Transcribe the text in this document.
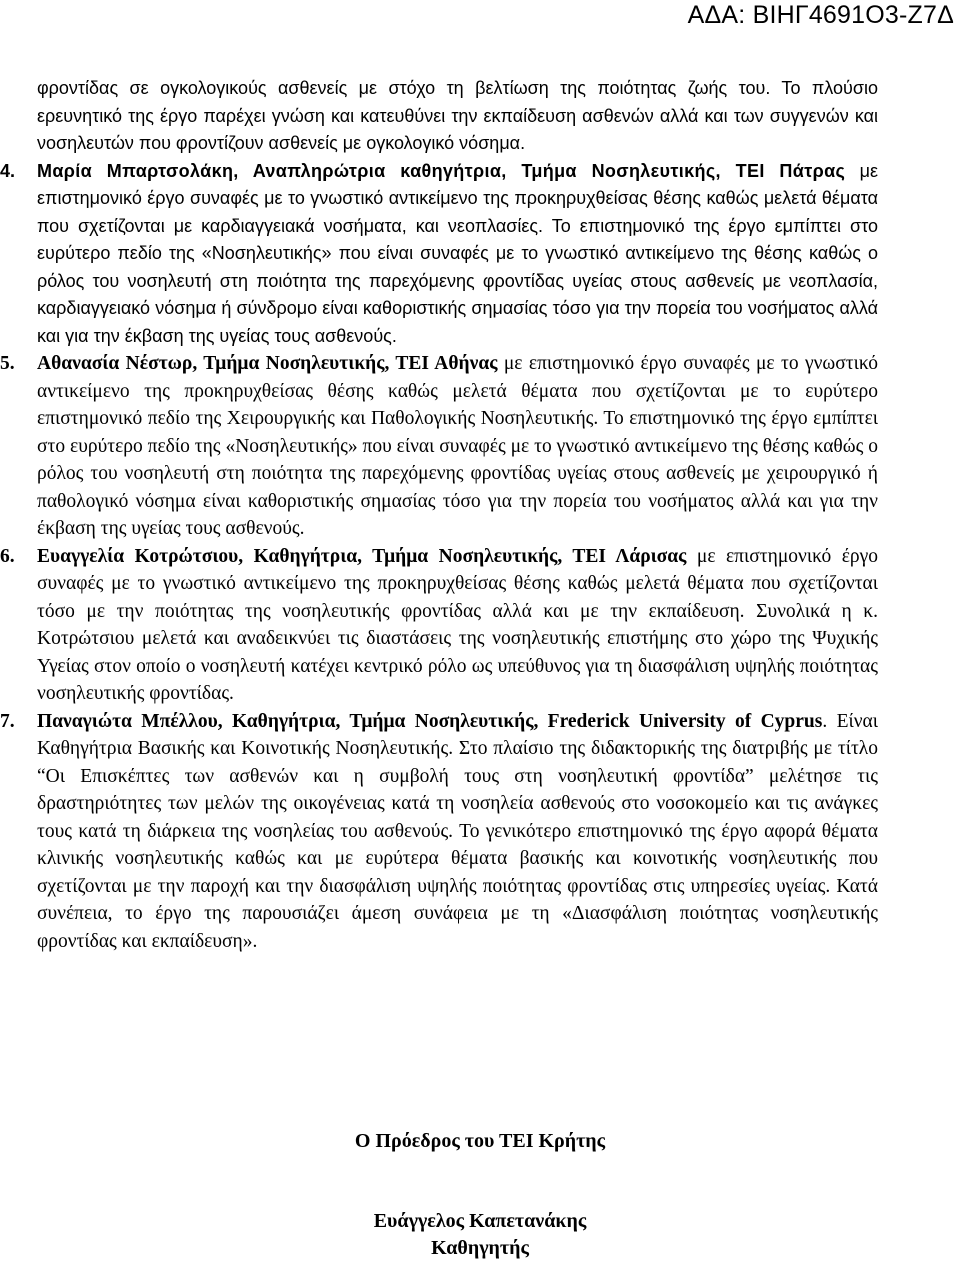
ΑΔΑ: ΒΙΗΓ4691Ο3-Ζ7Δ

φροντίδας σε ογκολογικούς ασθενείς με στόχο τη βελτίωση της ποιότητας ζωής του. Το πλούσιο ερευνητικό της έργο παρέχει γνώση και κατευθύνει την εκπαίδευση ασθενών αλλά και των συγγενών και νοσηλευτών που φροντίζουν ασθενείς με ογκολογικό νόσημα.

4.	Μαρία Μπαρτσολάκη, Αναπληρώτρια καθηγήτρια, Τμήμα Νοσηλευτικής, ΤΕΙ Πάτρας με επιστημονικό έργο συναφές με το γνωστικό αντικείμενο της προκηρυχθείσας θέσης καθώς μελετά θέματα που σχετίζονται με καρδιαγγειακά νοσήματα, και νεοπλασίες. Το επιστημονικό της έργο εμπίπτει στο ευρύτερο πεδίο της «Νοσηλευτικής» που είναι συναφές με το γνωστικό αντικείμενο της θέσης καθώς ο ρόλος του νοσηλευτή στη ποιότητα της παρεχόμενης φροντίδας υγείας στους ασθενείς με νεοπλασία, καρδιαγγειακό νόσημα ή σύνδρομο είναι καθοριστικής σημασίας τόσο για την πορεία του νοσήματος αλλά και για την έκβαση της υγείας τους ασθενούς.
5.	Αθανασία Νέστωρ, Τμήμα Νοσηλευτικής, ΤΕΙ Αθήνας με επιστημονικό έργο συναφές με το γνωστικό αντικείμενο της προκηρυχθείσας θέσης καθώς μελετά θέματα που σχετίζονται με το ευρύτερο επιστημονικό πεδίο της Χειρουργικής και Παθολογικής Νοσηλευτικής. Το επιστημονικό της έργο εμπίπτει στο ευρύτερο πεδίο της «Νοσηλευτικής» που είναι συναφές με το γνωστικό αντικείμενο της θέσης καθώς ο ρόλος του νοσηλευτή στη ποιότητα της παρεχόμενης φροντίδας υγείας στους ασθενείς με χειρουργικό ή παθολογικό νόσημα είναι καθοριστικής σημασίας τόσο για την πορεία του νοσήματος αλλά και για την έκβαση της υγείας τους ασθενούς.
6.	Ευαγγελία Κοτρώτσιου, Καθηγήτρια, Τμήμα Νοσηλευτικής, ΤΕΙ Λάρισας με επιστημονικό έργο συναφές με το γνωστικό αντικείμενο της προκηρυχθείσας θέσης καθώς μελετά θέματα που σχετίζονται τόσο με την ποιότητας της νοσηλευτικής φροντίδας αλλά και με την εκπαίδευση. Συνολικά η κ. Κοτρώτσιου μελετά και αναδεικνύει τις διαστάσεις της νοσηλευτικής επιστήμης στο χώρο της Ψυχικής Υγείας στον οποίο ο νοσηλευτή κατέχει κεντρικό ρόλο ως υπεύθυνος για τη διασφάλιση υψηλής ποιότητας νοσηλευτικής φροντίδας.
7.	Παναγιώτα Μπέλλου, Καθηγήτρια, Τμήμα Νοσηλευτικής, Frederick University of Cyprus. Είναι Καθηγήτρια Βασικής και Κοινοτικής Νοσηλευτικής. Στο πλαίσιο της διδακτορικής της διατριβής με τίτλο “Οι Επισκέπτες των ασθενών και η συμβολή τους στη νοσηλευτική φροντίδα” μελέτησε τις δραστηριότητες των μελών της οικογένειας κατά τη νοσηλεία ασθενούς στο νοσοκομείο και τις ανάγκες τους κατά τη διάρκεια της νοσηλείας του ασθενούς. Το γενικότερο επιστημονικό της έργο αφορά θέματα κλινικής νοσηλευτικής καθώς και με ευρύτερα θέματα βασικής και κοινοτικής νοσηλευτικής που σχετίζονται με την παροχή και την διασφάλιση υψηλής ποιότητας φροντίδας στις υπηρεσίες υγείας. Κατά συνέπεια, το έργο της παρουσιάζει άμεση συνάφεια με τη «Διασφάλιση ποιότητας νοσηλευτικής φροντίδας και εκπαίδευση».
Ο Πρόεδρος του ΤΕΙ Κρήτης
Ευάγγελος Καπετανάκης
Καθηγητής
